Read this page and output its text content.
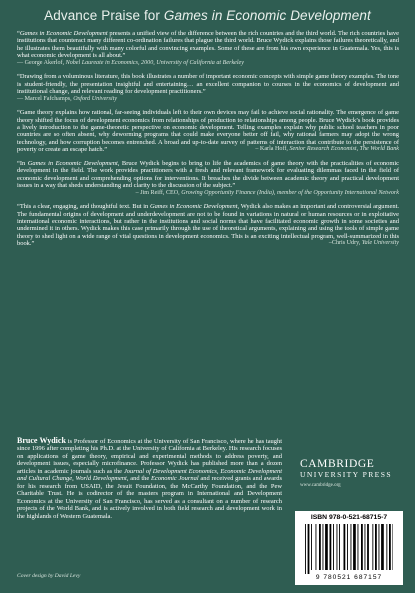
Advance Praise for Games in Economic Development

“Games in Economic Development presents a unified view of the difference between the rich countries and the third world. The rich countries have institutions that counteract many different co-ordination failures that plague the third world. Bruce Wydick explains those failures theoretically, and he illustrates them beautifully with many colorful and convincing examples. Some of these are from his own experience in Guatemala. Yes, this is what economic development is all about.”

— George Akerlof, Nobel Laureate in Economics, 2000, University of California at Berkeley

“Drawing from a voluminous literature, this book illustrates a number of important economic concepts with simple game theory examples. The tone is student-friendly, the presentation insightful and entertaining… an excellent companion to courses in the economics of development and institutional change, and relevant reading for development practitioners.”

— Marcel Fafchamps, Oxford University

“Game theory explains how rational, far-seeing individuals left to their own devices may fail to achieve social rationality. The emergence of game theory shifted the focus of development economics from relationships of production to relationships among people. Bruce Wydick’s book provides a lively introduction to the game-theoretic perspective on economic development. Telling examples explain why public school teachers in poor countries are so often absent, why deworming programs that could make everyone better off fail, why rational farmers may adopt the wrong technology, and how corruption becomes entrenched. A broad and up-to-date survey of patterns of interaction that contribute to the persistence of poverty or create an escape hatch.”	– Karla Hoff, Senior Research Economist, The World Bank

“In Games in Economic Development, Bruce Wydick begins to bring to life the academics of game theory with the practicalities of economic development in the field. The work provides practitioners with a fresh and relevant framework for evaluating dilemmas faced in the field of economic development and comprehending options for interventions. It breaches the divide between academic theory and practical development issues in a way that sheds understanding and clarity to the discussion of the subject.”

– Jim Reiff, CEO, Growing Opportunity Finance (India), member of the Opportunity International Network

“This a clear, engaging, and thoughtful text. But in Games in Economic Development, Wydick also makes an important and controversial argument. The fundamental origins of development and underdevelopment are not to be found in variations in natural or human resources or in exploitative international economic interactions, but rather in the institutions and social norms that have facilitated economic growth in some societies and undermined it in others. Wydick makes this case primarily through the use of theoretical arguments, explaining and using the tools of simple game theory to shed light on a wide range of vital questions in development economics. This is an exciting intellectual program, well-summarized in this book.”	–Chris Udry, Yale University

Bruce Wydick is Professor of Economics at the University of San Francisco, where he has taught since 1996 after completing his Ph.D. at the University of California at Berkeley. His research focuses on applications of game theory, empirical and experimental methods to address poverty, and development issues, especially microfinance. Professor Wydick has published more than a dozen articles in academic journals such as the Journal of Development Economics, Economic Development and Cultural Change, World Development, and the Economic Journal and received grants and awards for his research from USAID, the Jesuit Foundation, the McCarthy Foundation, and the Pew Charitable Trust. He is codirector of the masters program in International and Development Economics at the University of San Francisco, has served as a consultant on a number of research projects of the World Bank, and is actively involved in both field research and development work in the highlands of Western Guatemala.
Cover design by David Levy
CAMBRIDGE
UNIVERSITY PRESS
www.cambridge.org
ISBN 978-0-521-68715-7
9 780521 687157
